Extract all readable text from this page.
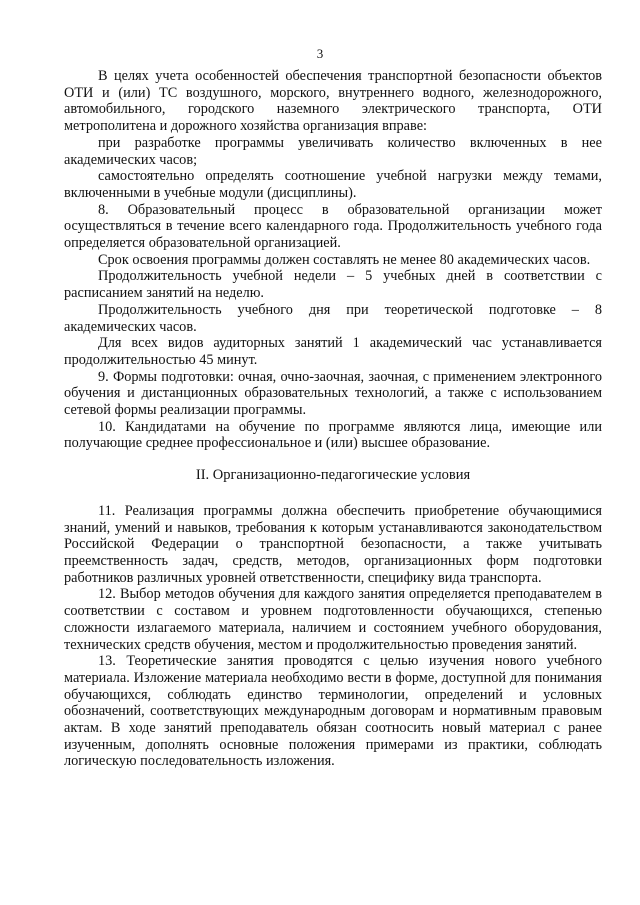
3

В целях учета особенностей обеспечения транспортной безопасности объектов ОТИ и (или) ТС воздушного, морского, внутреннего водного, железнодорожного, автомобильного, городского наземного электрического транспорта, ОТИ метрополитена и дорожного хозяйства организация вправе:

при разработке программы увеличивать количество включенных в нее академических часов;

самостоятельно определять соотношение учебной нагрузки между темами, включенными в учебные модули (дисциплины).

8. Образовательный процесс в образовательной организации может осуществляться в течение всего календарного года. Продолжительность учебного года определяется образовательной организацией.

Срок освоения программы должен составлять не менее 80 академических часов.

Продолжительность учебной недели – 5 учебных дней в соответствии с расписанием занятий на неделю.

Продолжительность учебного дня при теоретической подготовке – 8 академических часов.

Для всех видов аудиторных занятий 1 академический час устанавливается продолжительностью 45 минут.

9. Формы подготовки: очная, очно-заочная, заочная, с применением электронного обучения и дистанционных образовательных технологий, а также с использованием сетевой формы реализации программы.

10. Кандидатами на обучение по программе являются лица, имеющие или получающие среднее профессиональное и (или) высшее образование.

II. Организационно-педагогические условия

11. Реализация программы должна обеспечить приобретение обучающимися знаний, умений и навыков, требования к которым устанавливаются законодательством Российской Федерации о транспортной безопасности, а также учитывать преемственность задач, средств, методов, организационных форм подготовки работников различных уровней ответственности, специфику вида транспорта.

12. Выбор методов обучения для каждого занятия определяется преподавателем в соответствии с составом и уровнем подготовленности обучающихся, степенью сложности излагаемого материала, наличием и состоянием учебного оборудования, технических средств обучения, местом и продолжительностью проведения занятий.

13. Теоретические занятия проводятся с целью изучения нового учебного материала. Изложение материала необходимо вести в форме, доступной для понимания обучающихся, соблюдать единство терминологии, определений и условных обозначений, соответствующих международным договорам и нормативным правовым актам. В ходе занятий преподаватель обязан соотносить новый материал с ранее изученным, дополнять основные положения примерами из практики, соблюдать логическую последовательность изложения.
